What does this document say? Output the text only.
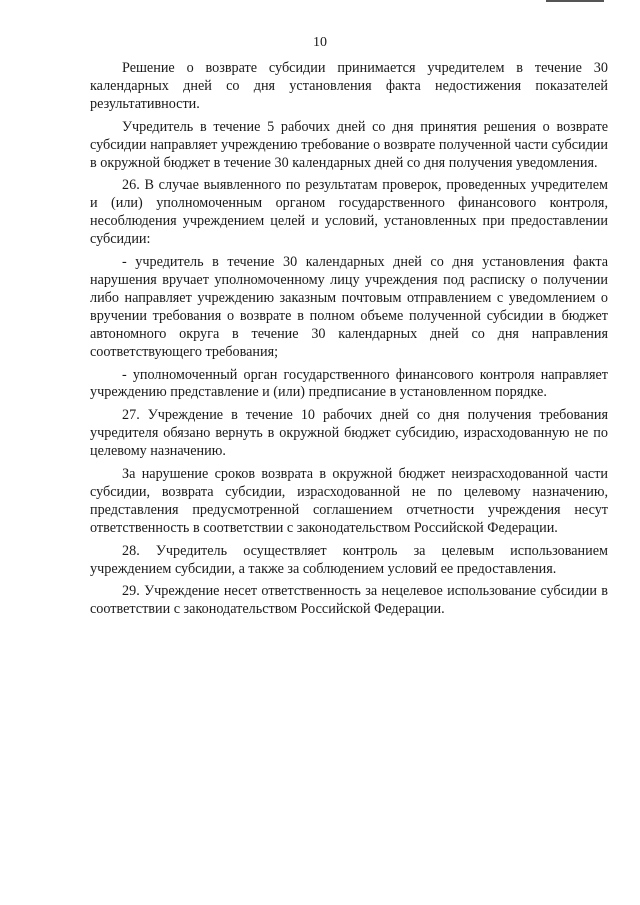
10

Решение о возврате субсидии принимается учредителем в течение 30 календарных дней со дня установления факта недостижения показателей результативности.

Учредитель в течение 5 рабочих дней со дня принятия решения о возврате субсидии направляет учреждению требование о возврате полученной части субсидии в окружной бюджет в течение 30 календарных дней со дня получения уведомления.

26. В случае выявленного по результатам проверок, проведенных учредителем и (или) уполномоченным органом государственного финансового контроля, несоблюдения учреждением целей и условий, установленных при предоставлении субсидии:

- учредитель в течение 30 календарных дней со дня установления факта нарушения вручает уполномоченному лицу учреждения под расписку о получении либо направляет учреждению заказным почтовым отправлением с уведомлением о вручении требования о возврате в полном объеме полученной субсидии в бюджет автономного округа в течение 30 календарных дней со дня направления соответствующего требования;

- уполномоченный орган государственного финансового контроля направляет учреждению представление и (или) предписание в установленном порядке.

27. Учреждение в течение 10 рабочих дней со дня получения требования учредителя обязано вернуть в окружной бюджет субсидию, израсходованную не по целевому назначению.

За нарушение сроков возврата в окружной бюджет неизрасходованной части субсидии, возврата субсидии, израсходованной не по целевому назначению, представления предусмотренной соглашением отчетности учреждения несут ответственность в соответствии с законодательством Российской Федерации.

28. Учредитель осуществляет контроль за целевым использованием учреждением субсидии, а также за соблюдением условий ее предоставления.

29. Учреждение несет ответственность за нецелевое использование субсидии в соответствии с законодательством Российской Федерации.
